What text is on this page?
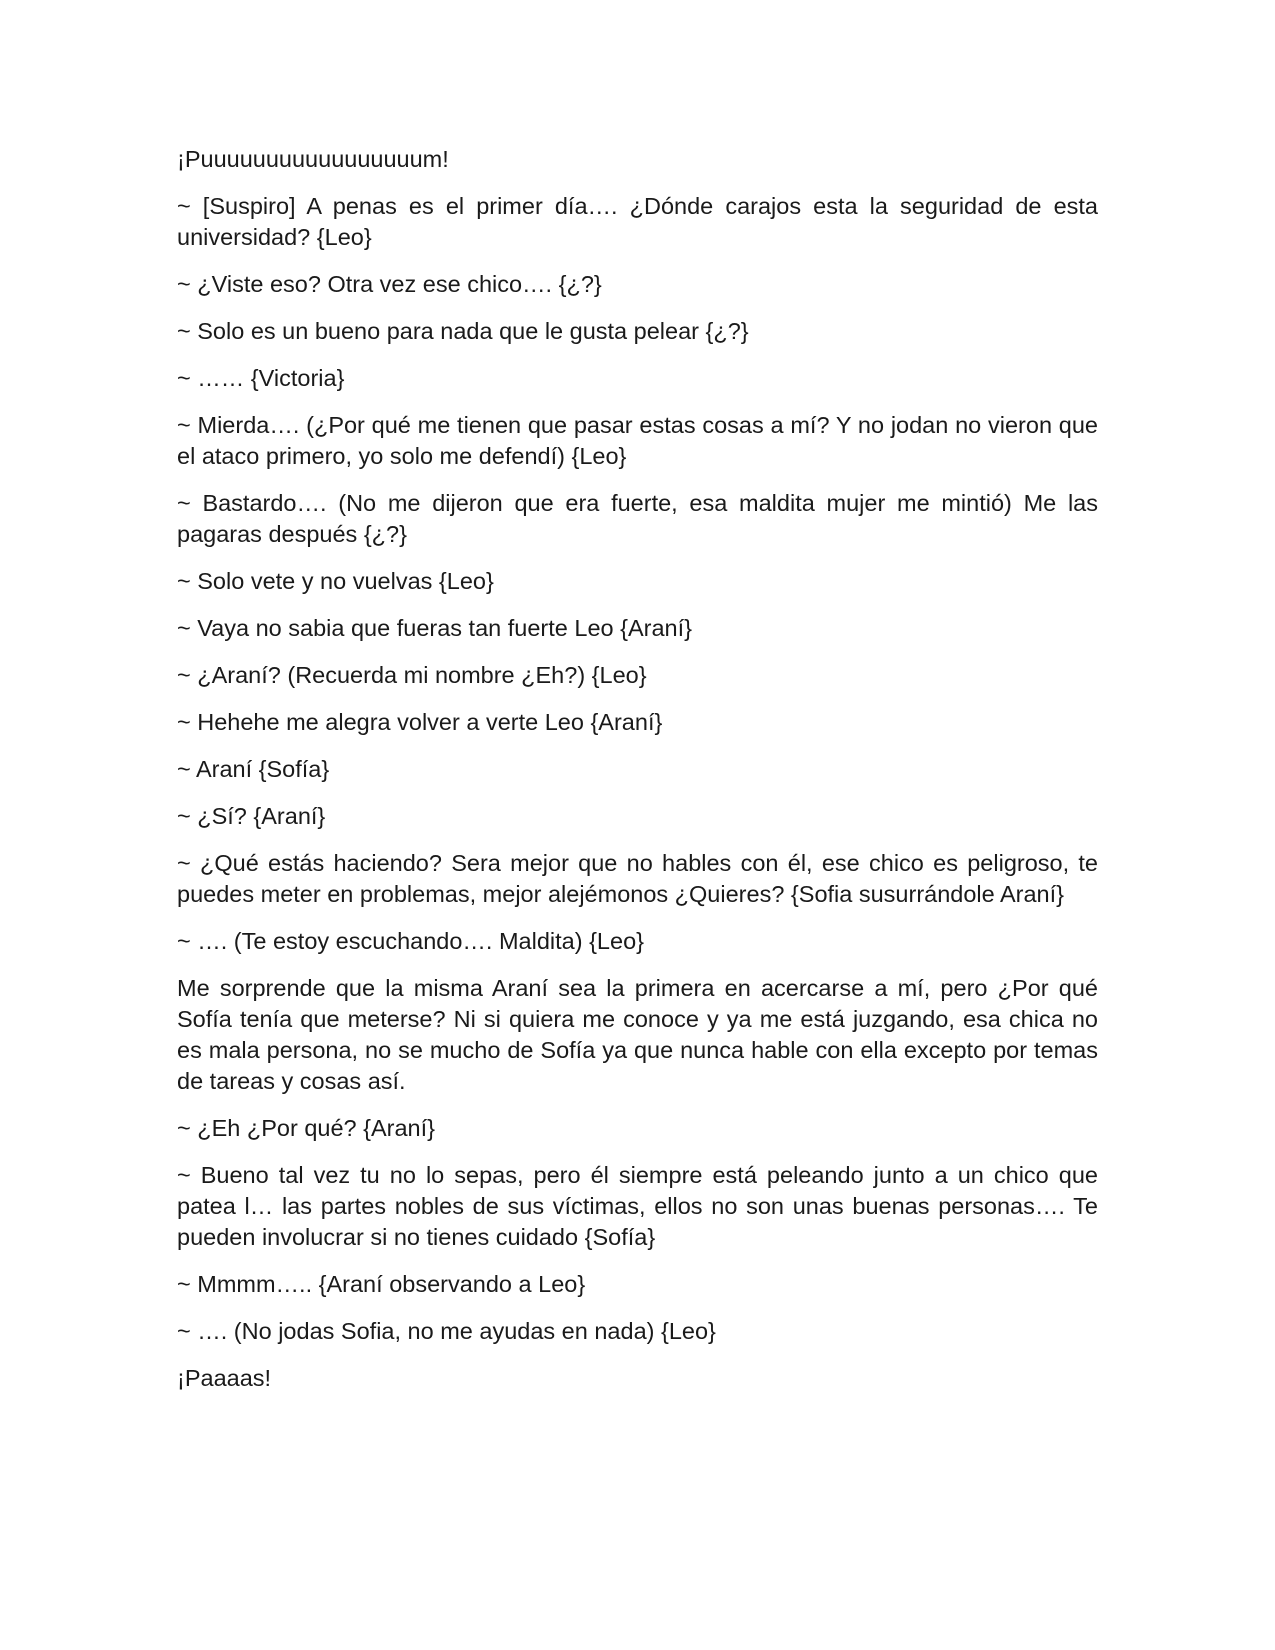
¡Puuuuuuuuuuuuuuuuum!

~ [Suspiro] A penas es el primer día…. ¿Dónde carajos esta la seguridad de esta universidad? {Leo}

~ ¿Viste eso? Otra vez ese chico…. {¿?}

~ Solo es un bueno para nada que le gusta pelear {¿?}

~ …… {Victoria}

~ Mierda…. (¿Por qué me tienen que pasar estas cosas a mí? Y no jodan no vieron que el ataco primero, yo solo me defendí) {Leo}

~ Bastardo…. (No me dijeron que era fuerte, esa maldita mujer me mintió) Me las pagaras después {¿?}

~ Solo vete y no vuelvas {Leo}

~ Vaya no sabia que fueras tan fuerte Leo {Araní}

~ ¿Araní? (Recuerda mi nombre ¿Eh?) {Leo}

~ Hehehe me alegra volver a verte Leo {Araní}

~ Araní {Sofía}

~ ¿Sí? {Araní}

~ ¿Qué estás haciendo? Sera mejor que no hables con él, ese chico es peligroso, te puedes meter en problemas, mejor alejémonos ¿Quieres? {Sofia susurrándole Araní}

~ …. (Te estoy escuchando…. Maldita) {Leo}

Me sorprende que la misma Araní sea la primera en acercarse a mí, pero ¿Por qué Sofía tenía que meterse? Ni si quiera me conoce y ya me está juzgando, esa chica no es mala persona, no se mucho de Sofía ya que nunca hable con ella excepto por temas de tareas y cosas así.

~ ¿Eh ¿Por qué? {Araní}

~ Bueno tal vez tu no lo sepas, pero él siempre está peleando junto a un chico que patea l… las partes nobles de sus víctimas, ellos no son unas buenas personas…. Te pueden involucrar si no tienes cuidado {Sofía}

~ Mmmm….. {Araní observando a Leo}

~ …. (No jodas Sofia, no me ayudas en nada) {Leo}

¡Paaaas!
